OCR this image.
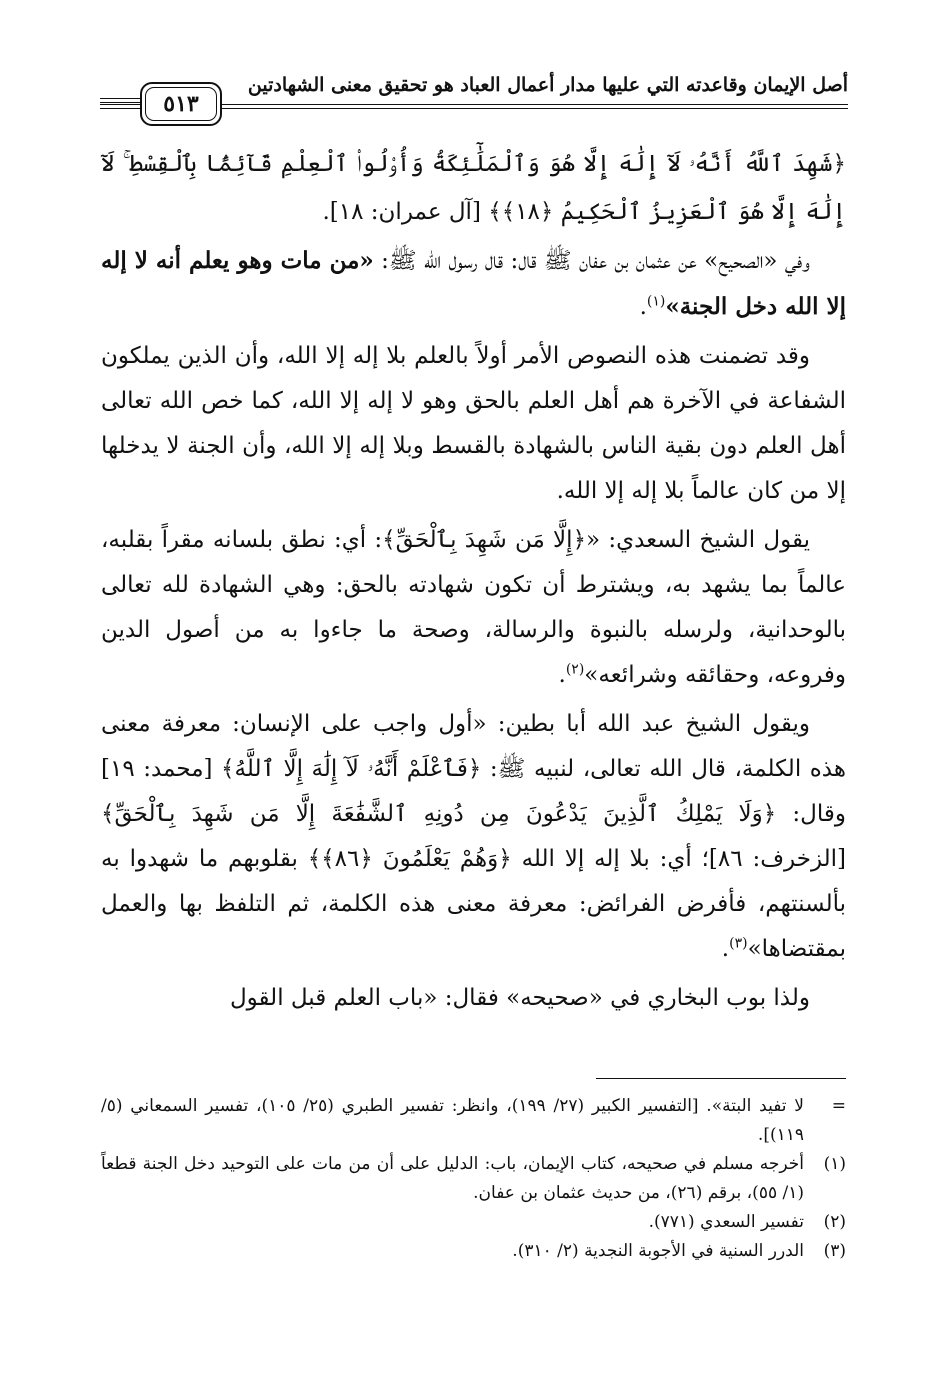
أصل الإيمان وقاعدته التي عليها مدار أعمال العباد هو تحقيق معنى الشهادتين
٥١٣

﴿شَهِدَ ٱللَّهُ أَنَّهُۥ لَآ إِلَٰهَ إِلَّا هُوَ وَٱلْمَلَٰٓئِكَةُ وَأُو۟لُوا۟ ٱلْعِلْمِ قَآئِمًۢا بِٱلْقِسْطِ ۚ لَآ إِلَٰهَ إِلَّا هُوَ ٱلْعَزِيزُ ٱلْحَكِيمُ ﴿١٨﴾﴾ [آل عمران: ١٨].

وفي «الصحيح» عن عثمان بن عفان ﷺ قال: قال رسول الله ﷺ: «من مات وهو يعلم أنه لا إله إلا الله دخل الجنة»$^{(١)}$.

وقد تضمنت هذه النصوص الأمر أولاً بالعلم بلا إله إلا الله، وأن الذين يملكون الشفاعة في الآخرة هم أهل العلم بالحق وهو لا إله إلا الله، كما خص الله تعالى أهل العلم دون بقية الناس بالشهادة بالقسط وبلا إله إلا الله، وأن الجنة لا يدخلها إلا من كان عالماً بلا إله إلا الله.

يقول الشيخ السعدي: «﴿إِلَّا مَن شَهِدَ بِٱلْحَقِّ﴾: أي: نطق بلسانه مقراً بقلبه، عالماً بما يشهد به، ويشترط أن تكون شهادته بالحق: وهي الشهادة لله تعالى بالوحدانية، ولرسله بالنبوة والرسالة، وصحة ما جاءوا به من أصول الدين وفروعه، وحقائقه وشرائعه»$^{(٢)}$.

ويقول الشيخ عبد الله أبا بطين: «أول واجب على الإنسان: معرفة معنى هذه الكلمة، قال الله تعالى، لنبيه ﷺ: ﴿فَٱعْلَمْ أَنَّهُۥ لَآ إِلَٰهَ إِلَّا ٱللَّهُ﴾ [محمد: ١٩] وقال: ﴿وَلَا يَمْلِكُ ٱلَّذِينَ يَدْعُونَ مِن دُونِهِ ٱلشَّفَٰعَةَ إِلَّا مَن شَهِدَ بِٱلْحَقِّ﴾ [الزخرف: ٨٦]؛ أي: بلا إله إلا الله ﴿وَهُمْ يَعْلَمُونَ ﴿٨٦﴾﴾ بقلوبهم ما شهدوا به بألسنتهم، فأفرض الفرائض: معرفة معنى هذه الكلمة، ثم التلفظ بها والعمل بمقتضاها»$^{(٣)}$.

ولذا بوب البخاري في «صحيحه» فقال: «باب العلم قبل القول

=
لا تفيد البتة». [التفسير الكبير (٢٧/ ١٩٩)، وانظر: تفسير الطبري (٢٥/ ١٠٥)، تفسير السمعاني (٥/ ١١٩)].
(١)
أخرجه مسلم في صحيحه، كتاب الإيمان، باب: الدليل على أن من مات على التوحيد دخل الجنة قطعاً (١/ ٥٥)، برقم (٢٦)، من حديث عثمان بن عفان.
(٢)
تفسير السعدي (٧٧١).
(٣)
الدرر السنية في الأجوبة النجدية (٢/ ٣١٠).
